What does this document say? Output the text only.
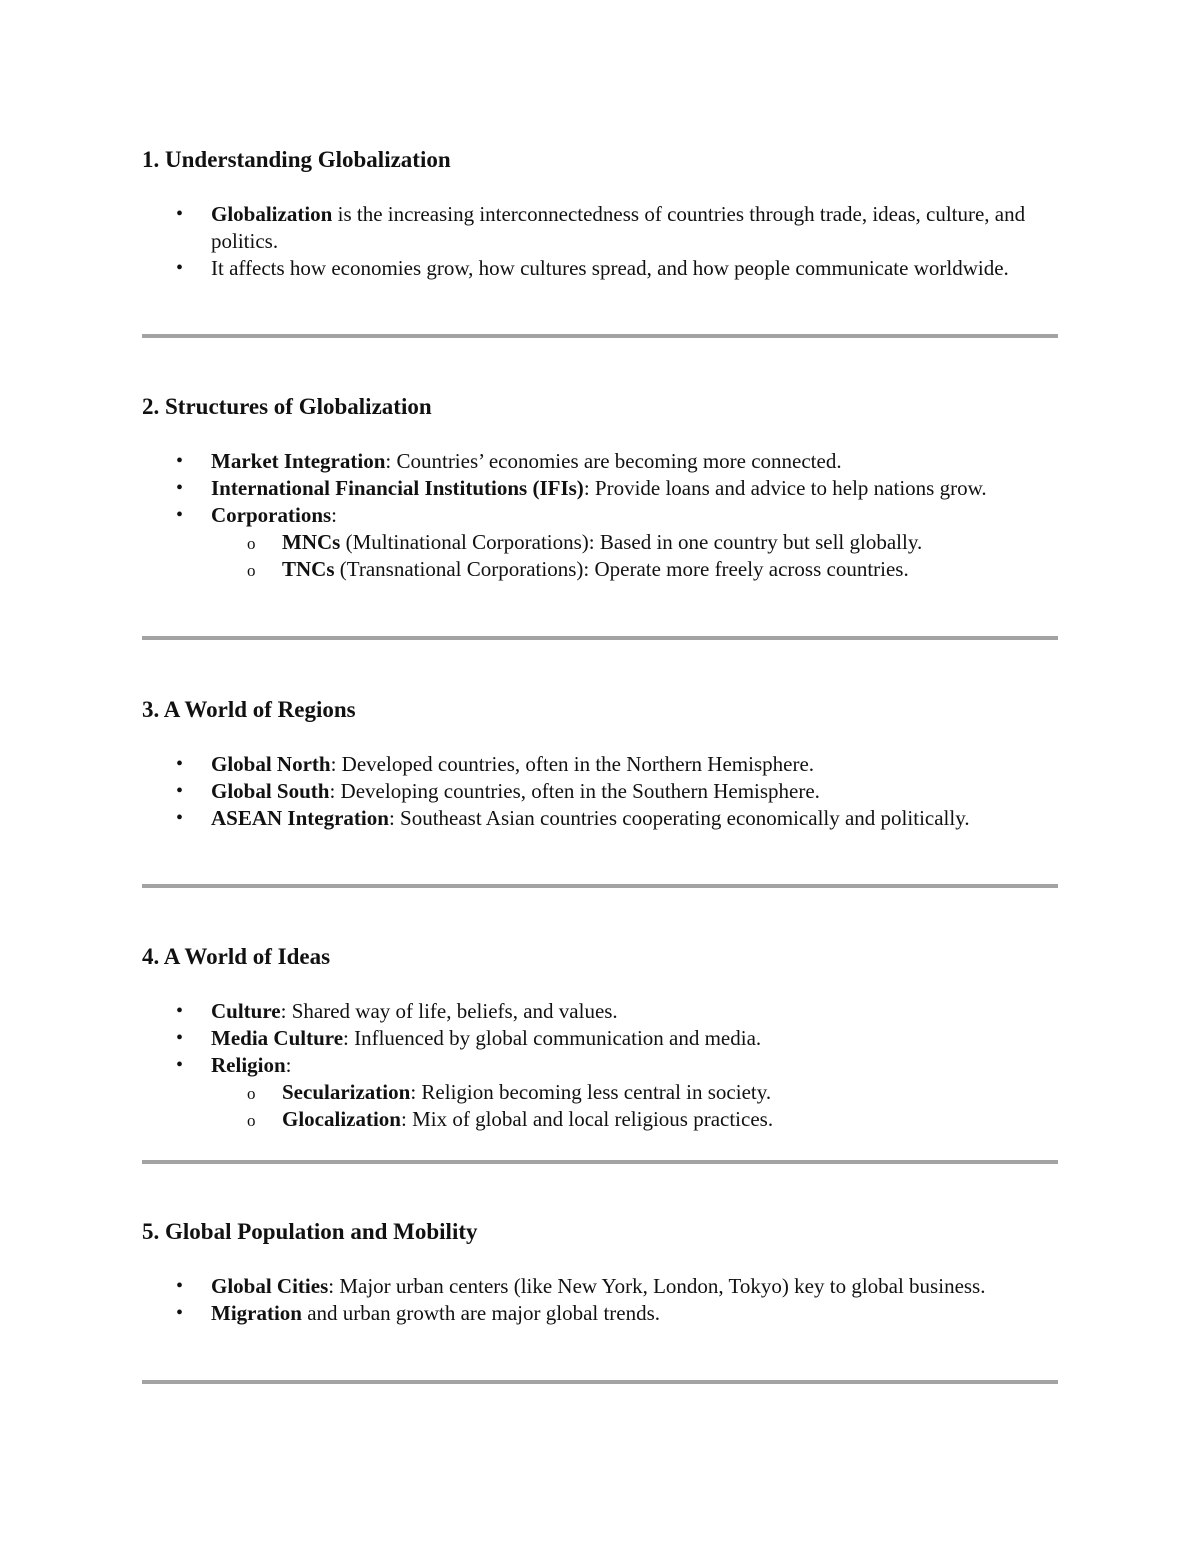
1. Understanding Globalization
• Globalization is the increasing interconnectedness of countries through trade, ideas, culture, and politics.
• It affects how economies grow, how cultures spread, and how people communicate worldwide.
2. Structures of Globalization
• Market Integration: Countries’ economies are becoming more connected.
• International Financial Institutions (IFIs): Provide loans and advice to help nations grow.
• Corporations:
o MNCs (Multinational Corporations): Based in one country but sell globally.
o TNCs (Transnational Corporations): Operate more freely across countries.
3. A World of Regions
• Global North: Developed countries, often in the Northern Hemisphere.
• Global South: Developing countries, often in the Southern Hemisphere.
• ASEAN Integration: Southeast Asian countries cooperating economically and politically.
4. A World of Ideas
• Culture: Shared way of life, beliefs, and values.
• Media Culture: Influenced by global communication and media.
• Religion:
o Secularization: Religion becoming less central in society.
o Glocalization: Mix of global and local religious practices.
5. Global Population and Mobility
• Global Cities: Major urban centers (like New York, London, Tokyo) key to global business.
• Migration and urban growth are major global trends.
